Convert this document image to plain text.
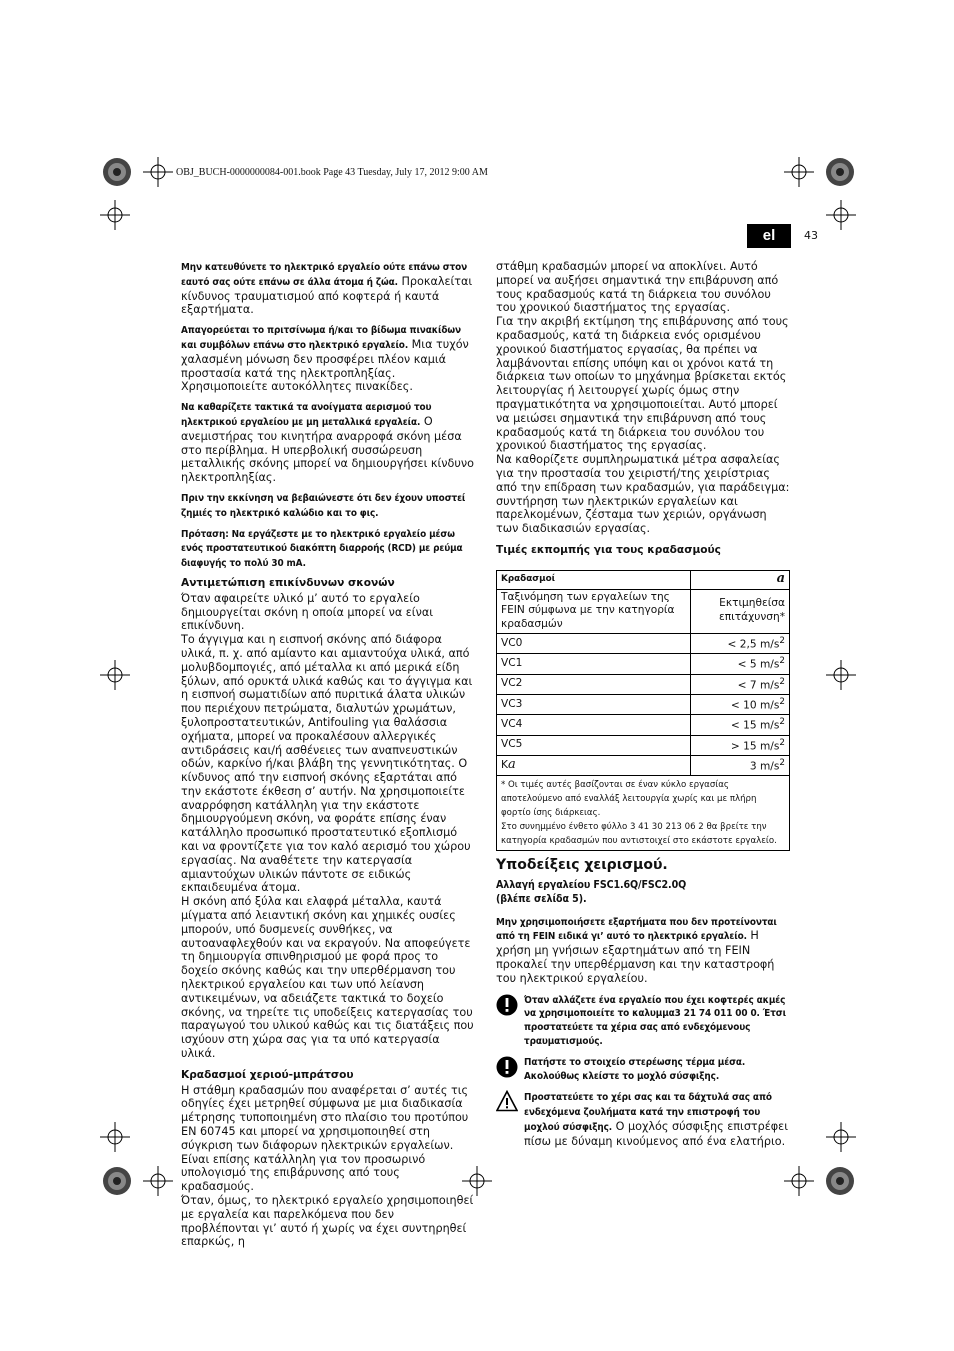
OBJ_BUCH-0000000084-001.book Page 43 Tuesday, July 17, 2012 9:00 AM
el	43

Μην κατευθύνετε το ηλεκτρικό εργαλείο ούτε επάνω στον εαυτό σας ούτε επάνω σε άλλα άτομα ή ζώα. Προκαλείται κίνδυνος τραυματισμού από κοφτερά ή καυτά εξαρτήματα.

Απαγορεύεται το πριτσίνωμα ή/και το βίδωμα πινακίδων και συμβόλων επάνω στο ηλεκτρικό εργαλείο. Μια τυχόν χαλασμένη μόνωση δεν προσφέρει πλέον καμιά προστασία κατά της ηλεκτροπληξίας. Χρησιμοποιείτε αυτοκόλλητες πινακίδες.

Να καθαρίζετε τακτικά τα ανοίγματα αερισμού του ηλεκτρικού εργαλείου με μη μεταλλικά εργαλεία. Ο ανεμιστήρας του κινητήρα αναρροφά σκόνη μέσα στο περίβλημα. Η υπερβολική συσσώρευση μεταλλικής σκόνης μπορεί να δημιουργήσει κίνδυνο ηλεκτροπληξίας.

Πριν την εκκίνηση να βεβαιώνεστε ότι δεν έχουν υποστεί ζημιές το ηλεκτρικό καλώδιο και το φις.

Πρόταση: Να εργάζεστε με το ηλεκτρικό εργαλείο μέσω ενός προστατευτικού διακόπτη διαρροής (RCD) με ρεύμα διαφυγής το πολύ 30 mA.

Αντιμετώπιση επικίνδυνων σκονών

Όταν αφαιρείτε υλικό μ’ αυτό το εργαλείο δημιουργείται σκόνη η οποία μπορεί να είναι επικίνδυνη.

Το άγγιγμα και η εισπνοή σκόνης από διάφορα υλικά, π. χ. από αμίαντο και αμιαντούχα υλικά, από μολυβδομπογιές, από μέταλλα κι από μερικά είδη ξύλων, από ορυκτά υλικά καθώς και το άγγιγμα και η εισπνοή σωματιδίων από πυριτικά άλατα υλικών που περιέχουν πετρώματα, διαλυτών χρωμάτων, ξυλοπροστατευτικών, Antifouling για θαλάσσια οχήματα, μπορεί να προκαλέσουν αλλεργικές αντιδράσεις και/ή ασθένειες των αναπνευστικών οδών, καρκίνο ή/και βλάβη της γεννητικότητας. Ο κίνδυνος από την εισπνοή σκόνης εξαρτάται από την εκάστοτε έκθεση σ’ αυτήν. Να χρησιμοποιείτε αναρρόφηση κατάλληλη για την εκάστοτε δημιουργούμενη σκόνη, να φοράτε επίσης έναν κατάλληλο προσωπικό προστατευτικό εξοπλισμό και να φροντίζετε για τον καλό αερισμό του χώρου εργασίας. Να αναθέτετε την κατεργασία αμιαντούχων υλικών πάντοτε σε ειδικώς εκπαιδευμένα άτομα.

Η σκόνη από ξύλα και ελαφρά μέταλλα, καυτά μίγματα από λειαντική σκόνη και χημικές ουσίες μπορούν, υπό δυσμενείς συνθήκες, να αυτοαναφλεχθούν και να εκραγούν. Να αποφεύγετε τη δημιουργία σπινθηρισμού με φορά προς το δοχείο σκόνης καθώς και την υπερθέρμανση του ηλεκτρικού εργαλείου και των υπό λείανση αντικειμένων, να αδειάζετε τακτικά το δοχείο σκόνης, να τηρείτε τις υποδείξεις κατεργασίας του παραγωγού του υλικού καθώς και τις διατάξεις που ισχύουν στη χώρα σας για τα υπό κατεργασία υλικά.

Κραδασμοί χεριού-μπράτσου

Η στάθμη κραδασμών που αναφέρεται σ’ αυτές τις οδηγίες έχει μετρηθεί σύμφωνα με μια διαδικασία μέτρησης τυποποιημένη στο πλαίσιο του προτύπου EN 60745 και μπορεί να χρησιμοποιηθεί στη σύγκριση των διάφορων ηλεκτρικών εργαλείων. Είναι επίσης κατάλληλη για τον προσωρινό υπολογισμό της επιβάρυνσης από τους κραδασμούς.

Όταν, όμως, το ηλεκτρικό εργαλείο χρησιμοποιηθεί με εργαλεία και παρελκόμενα που δεν προβλέπονται γι’ αυτό ή χωρίς να έχει συντηρηθεί επαρκώς, η

στάθμη κραδασμών μπορεί να αποκλίνει. Αυτό μπορεί να αυξήσει σημαντικά την επιβάρυνση από τους κραδασμούς κατά τη διάρκεια του συνόλου του χρονικού διαστήματος της εργασίας.

Για την ακριβή εκτίμηση της επιβάρυνσης από τους κραδασμούς, κατά τη διάρκεια ενός ορισμένου χρονικού διαστήματος εργασίας, θα πρέπει να λαμβάνονται επίσης υπόψη και οι χρόνοι κατά τη διάρκεια των οποίων το μηχάνημα βρίσκεται εκτός λειτουργίας ή λειτουργεί χωρίς όμως στην πραγματικότητα να χρησιμοποιείται. Αυτό μπορεί να μειώσει σημαντικά την επιβάρυνση από τους κραδασμούς κατά τη διάρκεια του συνόλου του χρονικού διαστήματος της εργασίας.

Να καθορίζετε συμπληρωματικά μέτρα ασφαλείας για την προστασία του χειριστή/της χειρίστριας από την επίδραση των κραδασμών, για παράδειγμα: συντήρηση των ηλεκτρικών εργαλείων και παρελκομένων, ζέσταμα των χεριών, οργάνωση των διαδικασιών εργασίας.

Τιμές εκπομπής για τους κραδασμούς

Κραδασμοί	a
Ταξινόμηση των εργαλείων της FEIN σύμφωνα με την κατηγορία κραδασμών	Εκτιμηθείσα επιτάχυνση*
VC0	< 2,5 $m/s^2$
VC1	< 5 $m/s^2$
VC2	< 7 $m/s^2$
VC3	< 10 $m/s^2$
VC4	< 15 $m/s^2$
VC5	> 15 $m/s^2$
Ka	3 $m/s^2$

* Οι τιμές αυτές βασίζονται σε έναν κύκλο εργασίας αποτελούμενο από εναλλάξ λειτουργία χωρίς και με πλήρη φορτίο ίσης διάρκειας.
Στο συνημμένο ένθετο φύλλο 3 41 30 213 06 2 θα βρείτε την κατηγορία κραδασμών που αντιστοιχεί στο εκάστοτε εργαλείο.	

Υποδείξεις χειρισμού.

Αλλαγή εργαλείου FSC1.6Q/FSC2.0Q

(βλέπε σελίδα 5).

Μην χρησιμοποιήσετε εξαρτήματα που δεν προτείνονται από τη FEIN ειδικά γι’ αυτό το ηλεκτρικό εργαλείο. Η χρήση μη γνήσιων εξαρτημάτων από τη FEIN προκαλεί την υπερθέρμανση και την καταστροφή του ηλεκτρικού εργαλείου.

Όταν αλλάζετε ένα εργαλείο που έχει κοφτερές ακμές να χρησιμοποιείτε το καλυμμα3 21 74 011 00 0. Έτσι προστατεύετε τα χέρια σας από ενδεχόμενους τραυματισμούς.
Πατήστε το στοιχείο στερέωσης τέρμα μέσα. Ακολούθως κλείστε το μοχλό σύσφιξης.
Προστατεύετε το χέρι σας και τα δάχτυλά σας από ενδεχόμενα ζουλήματα κατά την επιστροφή του μοχλού σύσφιξης. Ο μοχλός σύσφιξης επιστρέφει πίσω με δύναμη κινούμενος από ένα ελατήριο.
